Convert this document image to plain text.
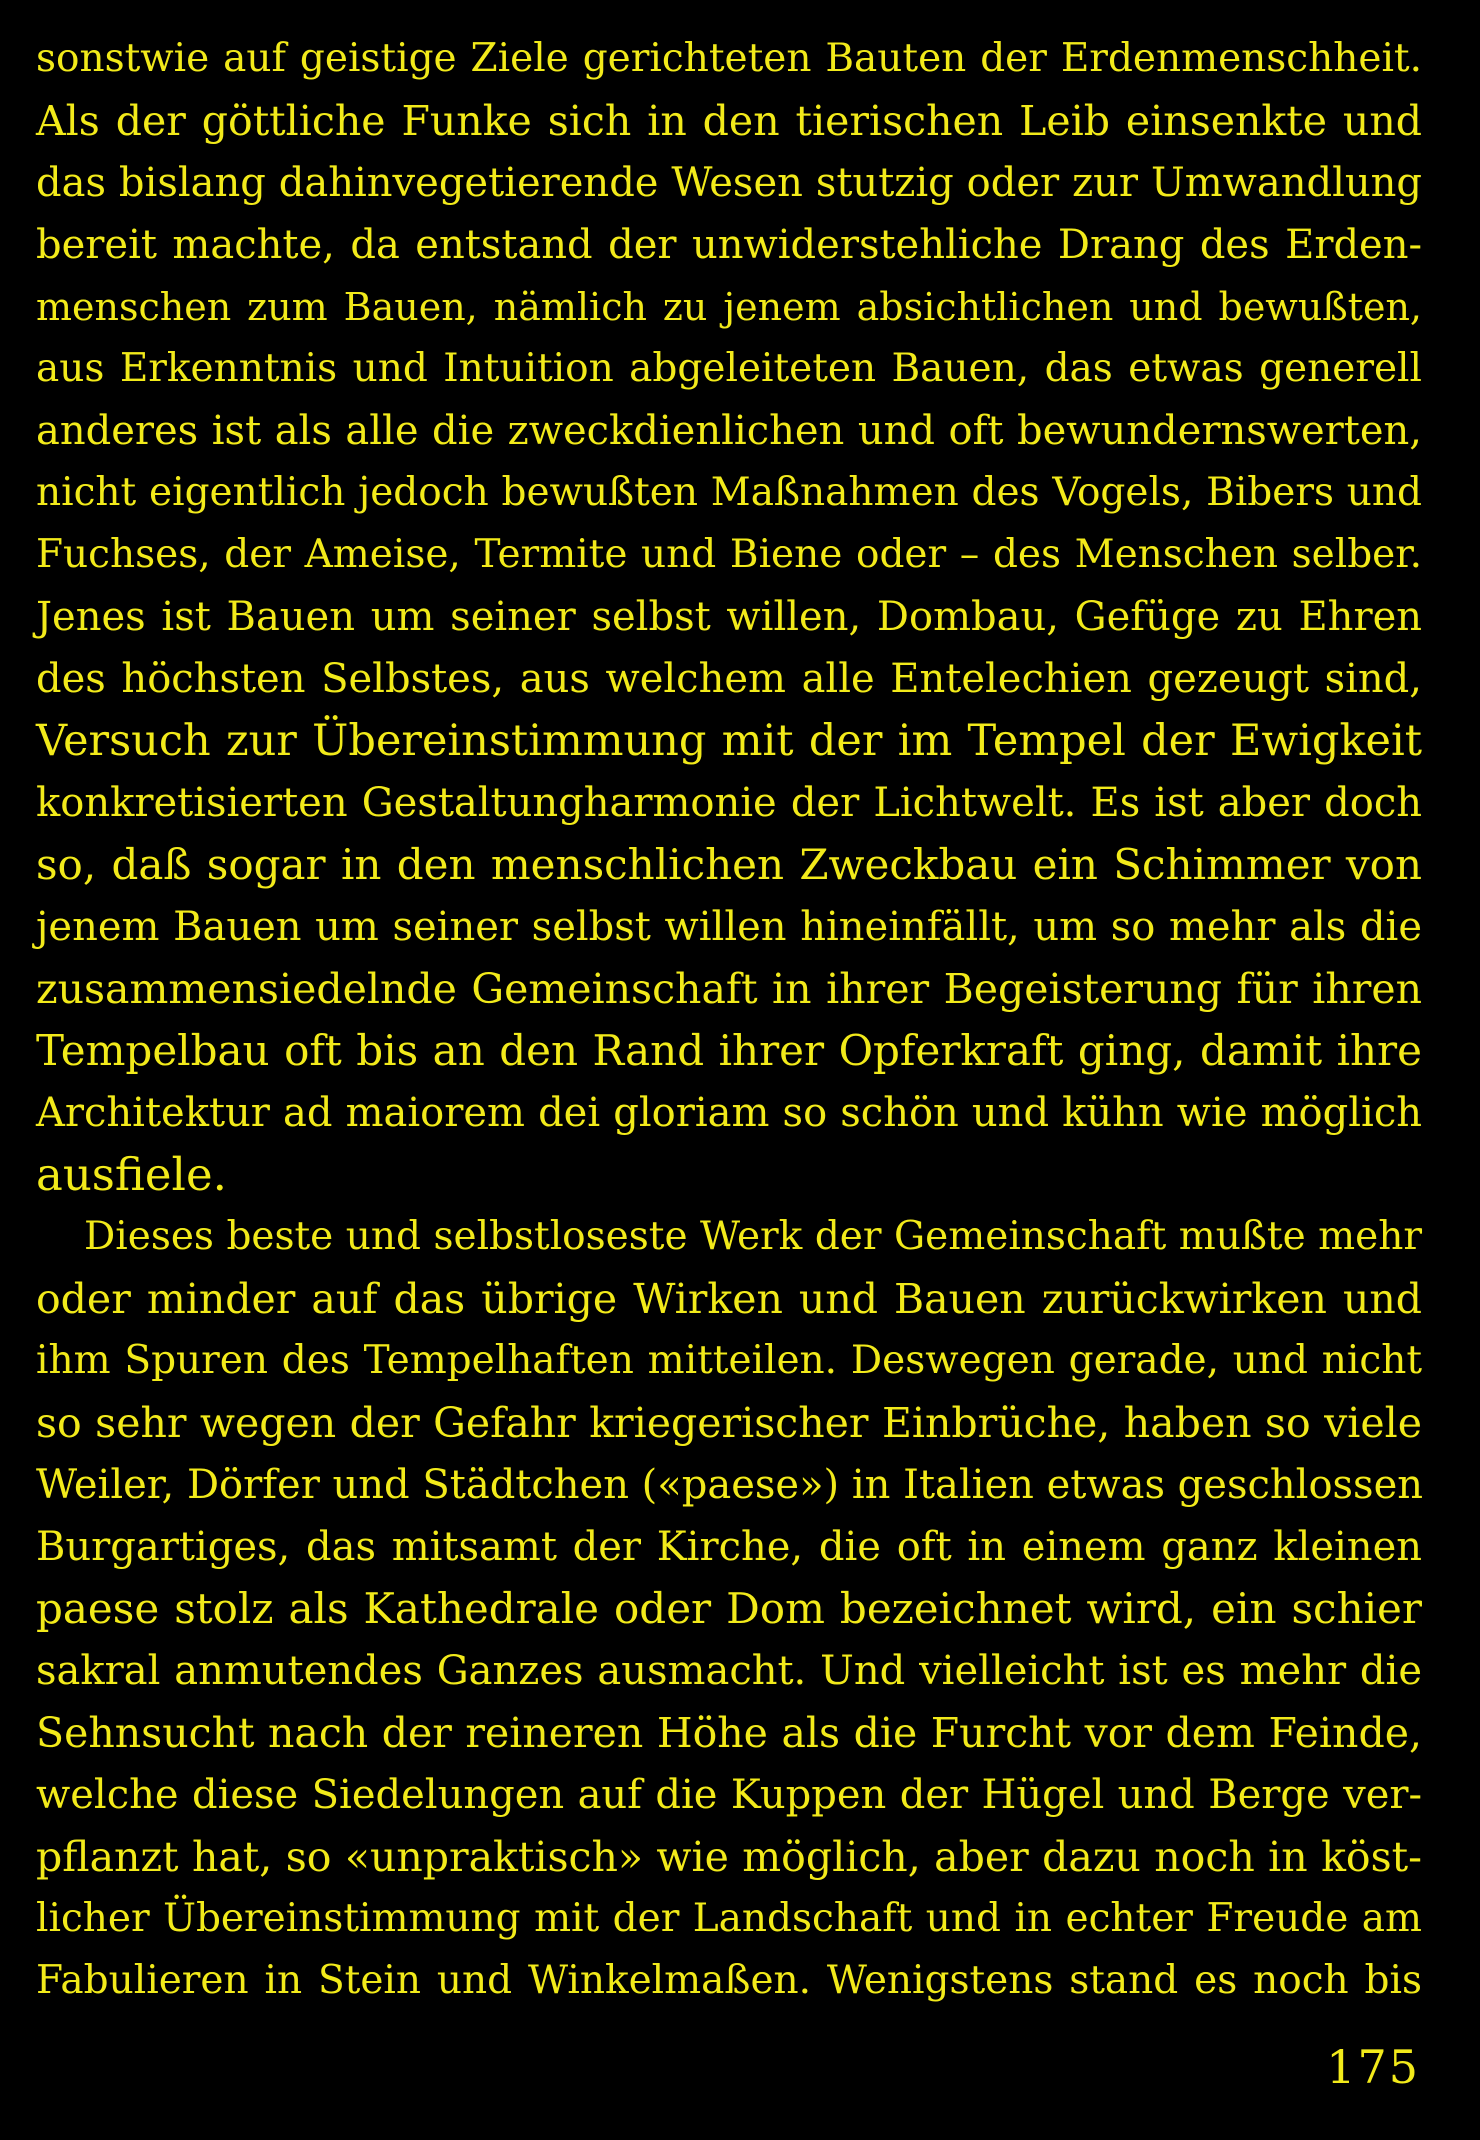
sonstwie auf geistige Ziele gerichteten Bauten der Erdenmenschheit.
Als der göttliche Funke sich in den tierischen Leib einsenkte und
das bislang dahinvegetierende Wesen stutzig oder zur Umwandlung
bereit machte, da entstand der unwiderstehliche Drang des Erden-
menschen zum Bauen, nämlich zu jenem absichtlichen und bewußten,
aus Erkenntnis und Intuition abgeleiteten Bauen, das etwas generell
anderes ist als alle die zweckdienlichen und oft bewundernswerten,
nicht eigentlich jedoch bewußten Maßnahmen des Vogels, Bibers und
Fuchses, der Ameise, Termite und Biene oder – des Menschen selber.
Jenes ist Bauen um seiner selbst willen, Dombau, Gefüge zu Ehren
des höchsten Selbstes, aus welchem alle Entelechien gezeugt sind,
Versuch zur Übereinstimmung mit der im Tempel der Ewigkeit
konkretisierten Gestaltungharmonie der Lichtwelt. Es ist aber doch
so, daß sogar in den menschlichen Zweckbau ein Schimmer von
jenem Bauen um seiner selbst willen hineinfällt, um so mehr als die
zusammensiedelnde Gemeinschaft in ihrer Begeisterung für ihren
Tempelbau oft bis an den Rand ihrer Opferkraft ging, damit ihre
Architektur ad maiorem dei gloriam so schön und kühn wie möglich
ausfiele.
Dieses beste und selbstloseste Werk der Gemeinschaft mußte mehr
oder minder auf das übrige Wirken und Bauen zurückwirken und
ihm Spuren des Tempelhaften mitteilen. Deswegen gerade, und nicht
so sehr wegen der Gefahr kriegerischer Einbrüche, haben so viele
Weiler, Dörfer und Städtchen («paese») in Italien etwas geschlossen
Burgartiges, das mitsamt der Kirche, die oft in einem ganz kleinen
paese stolz als Kathedrale oder Dom bezeichnet wird, ein schier
sakral anmutendes Ganzes ausmacht. Und vielleicht ist es mehr die
Sehnsucht nach der reineren Höhe als die Furcht vor dem Feinde,
welche diese Siedelungen auf die Kuppen der Hügel und Berge ver-
pflanzt hat, so «unpraktisch» wie möglich, aber dazu noch in köst-
licher Übereinstimmung mit der Landschaft und in echter Freude am
Fabulieren in Stein und Winkelmaßen. Wenigstens stand es noch bis
175
